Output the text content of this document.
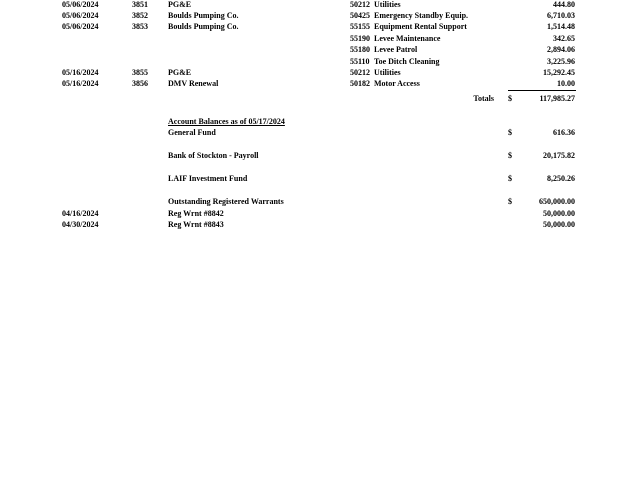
05/06/2024	3851	PG&E	50212 Utilities	444.80
05/06/2024	3852	Boulds Pumping Co.	50425 Emergency Standby Equip.	6,710.03
05/06/2024	3853	Boulds Pumping Co.	55155 Equipment Rental Support	1,514.48
55190 Levee Maintenance	342.65
55180 Levee Patrol	2,894.06
55110 Toe Ditch Cleaning	3,225.96
05/16/2024	3855	PG&E	50212 Utilities	15,292.45
05/16/2024	3856	DMV Renewal	50182 Motor Access	10.00
Totals $	117,985.27
Account Balances as of 05/17/2024
General Fund	$	616.36
Bank of Stockton - Payroll	$	20,175.82
LAIF Investment Fund	$	8,250.26
Outstanding Registered Warrants	$	650,000.00
04/16/2024	Reg Wrnt #8842	50,000.00
04/30/2024	Reg Wrnt #8843	50,000.00
